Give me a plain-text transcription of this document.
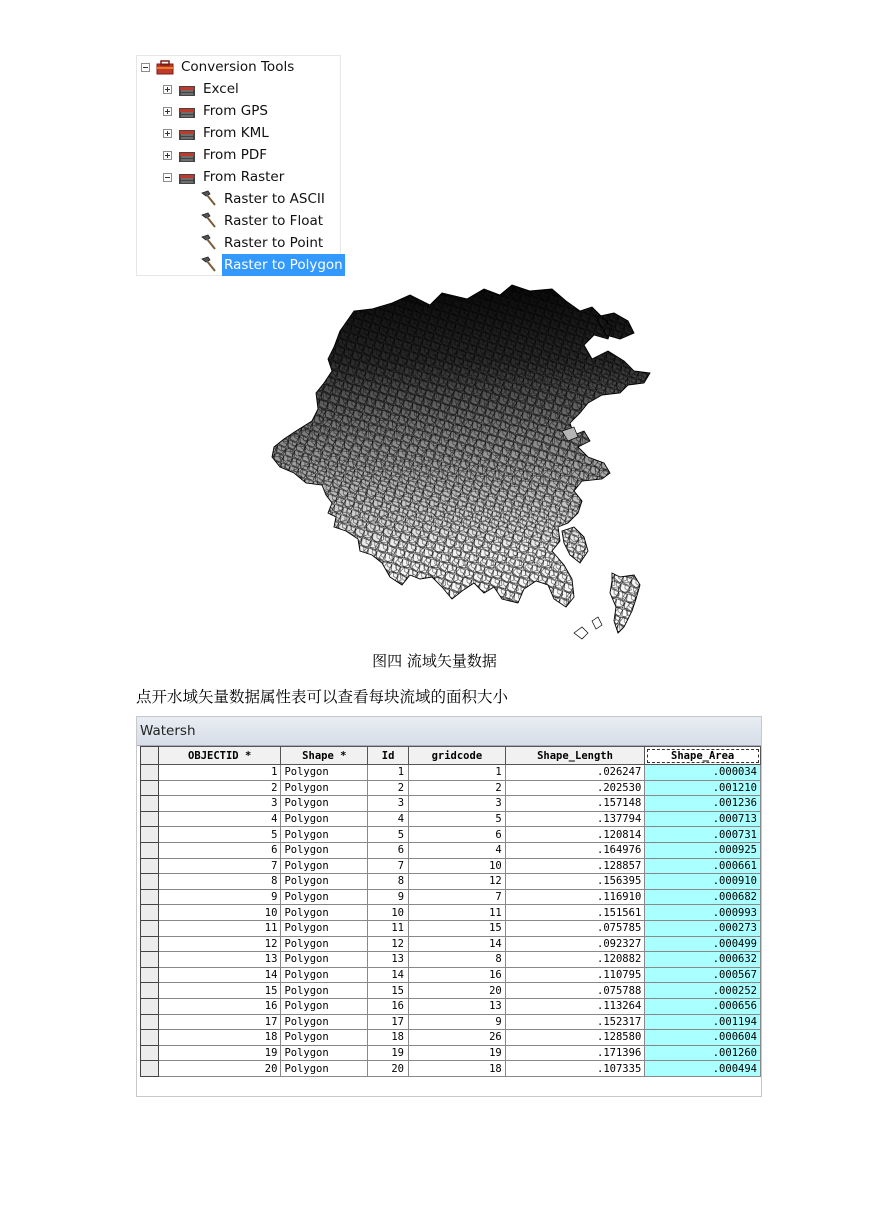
Conversion Tools
Excel
From GPS
From KML
From PDF
From Raster
Raster to ASCII
Raster to Float
Raster to Point
Raster to Polygon
图四 流域矢量数据
点开水域矢量数据属性表可以查看每块流域的面积大小
Watersh
	OBJECTID *	Shape *	Id	gridcode	Shape_Length	Shape_Area
	1	Polygon	1	1	.026247	.000034
	2	Polygon	2	2	.202530	.001210
	3	Polygon	3	3	.157148	.001236
	4	Polygon	4	5	.137794	.000713
	5	Polygon	5	6	.120814	.000731
	6	Polygon	6	4	.164976	.000925
	7	Polygon	7	10	.128857	.000661
	8	Polygon	8	12	.156395	.000910
	9	Polygon	9	7	.116910	.000682
	10	Polygon	10	11	.151561	.000993
	11	Polygon	11	15	.075785	.000273
	12	Polygon	12	14	.092327	.000499
	13	Polygon	13	8	.120882	.000632
	14	Polygon	14	16	.110795	.000567
	15	Polygon	15	20	.075788	.000252
	16	Polygon	16	13	.113264	.000656
	17	Polygon	17	9	.152317	.001194
	18	Polygon	18	26	.128580	.000604
	19	Polygon	19	19	.171396	.001260
	20	Polygon	20	18	.107335	.000494
